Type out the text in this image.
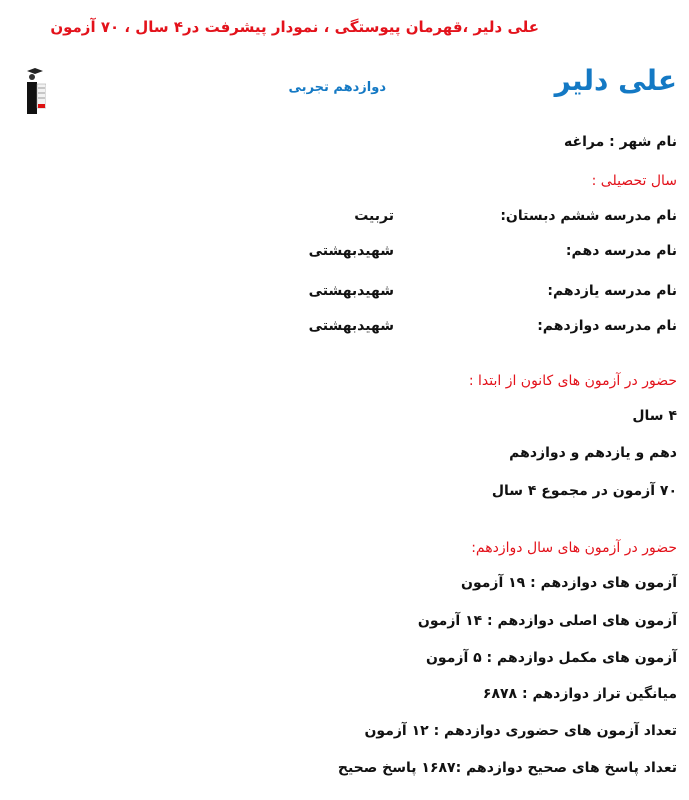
علی دلیر ،قهرمان پیوستگی ، نمودار پیشرفت در۴ سال ، ۷۰ آزمون
علی دلیر
دوازدهم تجربی
نام شهر : مراغه
سال تحصیلی :
نام مدرسه ششم دبستان:
تربیت
نام مدرسه دهم:
شهیدبهشتی
نام مدرسه یازدهم:
شهیدبهشتی
نام مدرسه دوازدهم:
شهیدبهشتی
حضور در آزمون های کانون از ابتدا :
۴ سال
دهم و یازدهم و دوازدهم
۷۰ آزمون در مجموع ۴ سال
حضور در آزمون های سال دوازدهم:
آزمون های دوازدهم : ۱۹ آزمون
آزمون های اصلی دوازدهم : ۱۴ آزمون
آزمون های مکمل دوازدهم : ۵ آزمون
میانگین تراز دوازدهم : ۶۸۷۸
تعداد آزمون های حضوری دوازدهم : ۱۲ آزمون
تعداد پاسخ های صحیح دوازدهم :۱۶۸۷ پاسخ صحیح
